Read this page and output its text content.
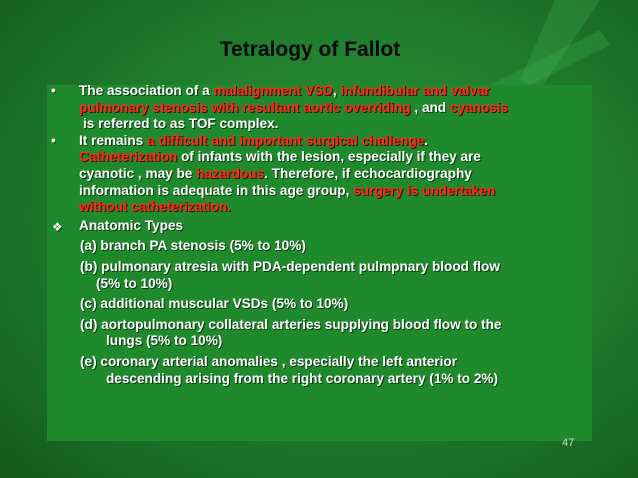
Tetralogy of Fallot
• The association of a malalignment VSD, infundibular and valvar
pulmonary stenosis with resultant aortic overriding , and cyanosis
is referred to as TOF complex.
• It remains a difficult and important surgical challenge.
Catheterization of infants with the lesion, especially if they are
cyanotic , may be hazardous. Therefore, if echocardiography
information is adequate in this age group, surgery is undertaken
without catheterization.
❖ Anatomic Types
(a) branch PA stenosis (5% to 10%)
(b) pulmonary atresia with PDA-dependent pulmpnary blood flow
(5% to 10%)
(c) additional muscular VSDs (5% to 10%)
(d) aortopulmonary collateral arteries supplying blood flow to the
lungs (5% to 10%)
(e) coronary arterial anomalies , especially the left anterior
descending arising from the right coronary artery (1% to 2%)
47
